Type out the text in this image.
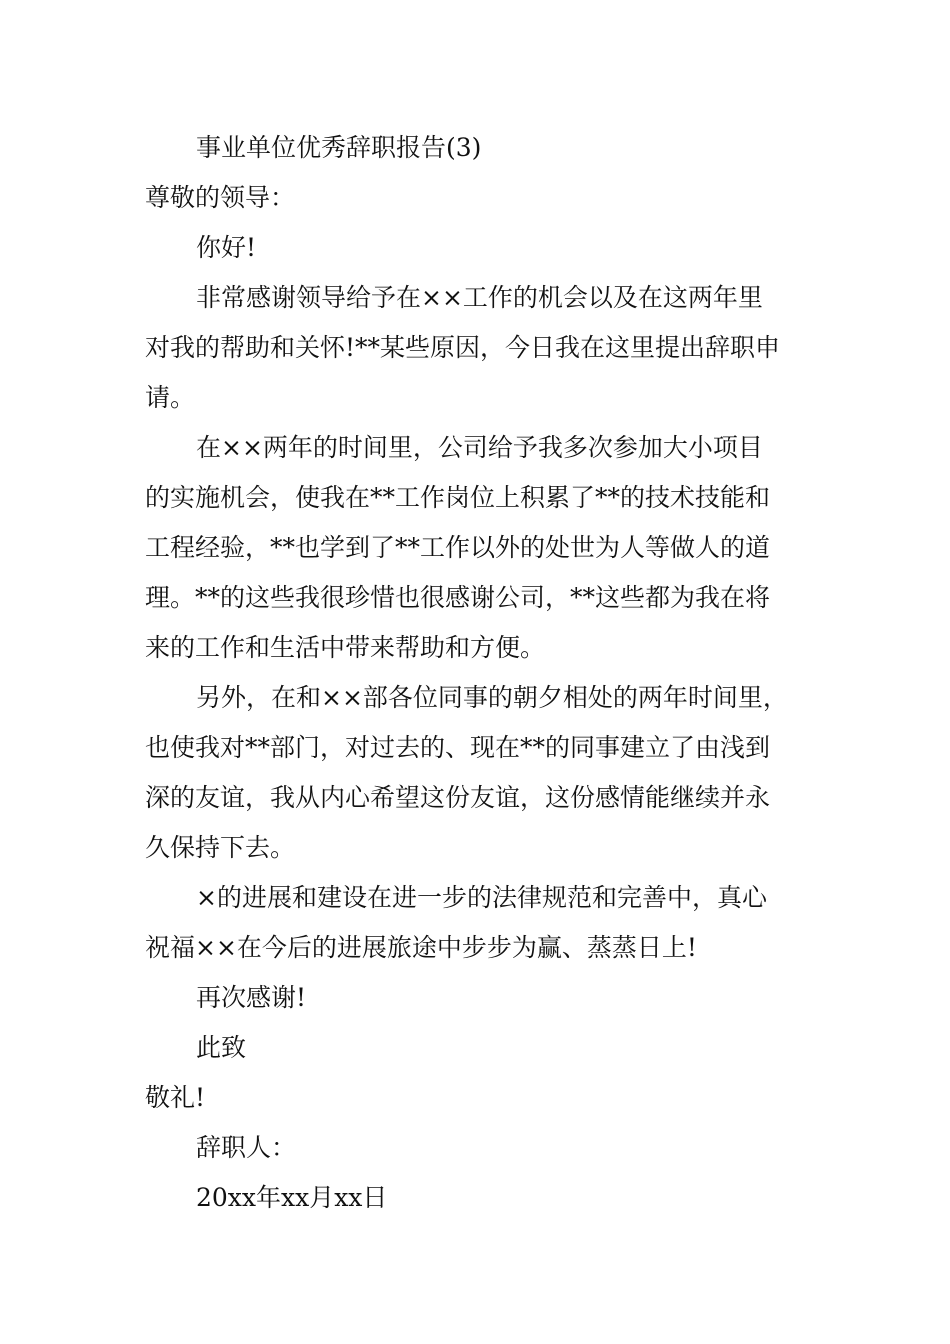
事业单位优秀辞职报告(3)
尊敬的领导：
你好!
非常感谢领导给予在××工作的机会以及在这两年里
对我的帮助和关怀!**某些原因，今日我在这里提出辞职申
请。
在××两年的时间里，公司给予我多次参加大小项目
的实施机会，使我在**工作岗位上积累了**的技术技能和
工程经验，**也学到了**工作以外的处世为人等做人的道
理。**的这些我很珍惜也很感谢公司，**这些都为我在将
来的工作和生活中带来帮助和方便。
另外，在和××部各位同事的朝夕相处的两年时间里，
也使我对**部门，对过去的、现在**的同事建立了由浅到
深的友谊，我从内心希望这份友谊，这份感情能继续并永
久保持下去。
×的进展和建设在进一步的法律规范和完善中，真心
祝福××在今后的进展旅途中步步为赢、蒸蒸日上!
再次感谢!
此致
敬礼!
辞职人：
20xx年xx月xx日
